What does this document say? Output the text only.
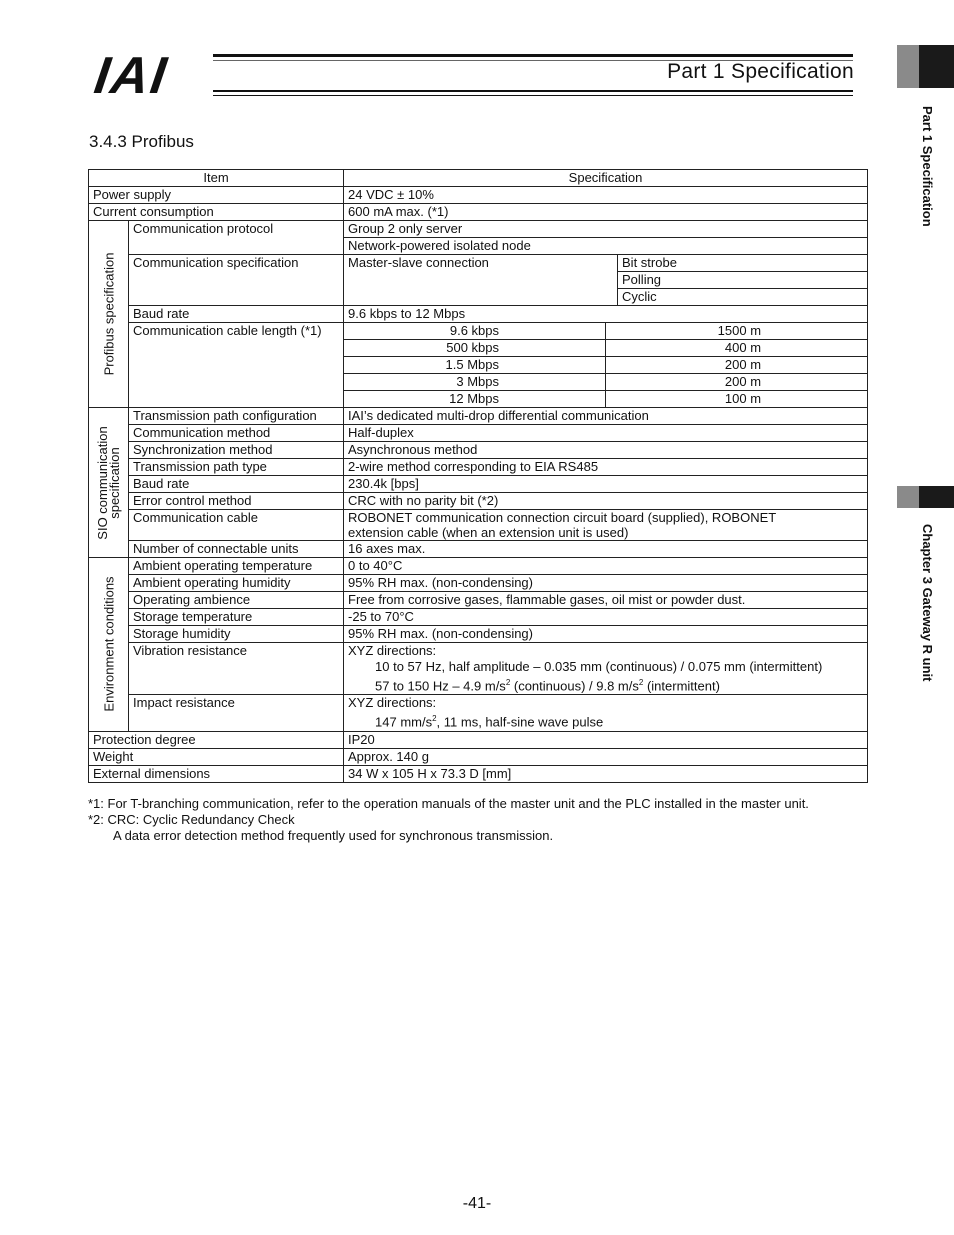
IAI	Part 1 Specification
Part 1 Specification
Chapter 3 Gateway R unit
3.4.3 Profibus
Item		Specification		
Power supply		24 VDC ± 10%		
Current consumption		600 mA max. (*1)		

Profibus specification	Communication protocol	Group 2 only server		
		Network-powered isolated node		
	Communication specification	Master-slave connection		Bit strobe
				Polling
				Cyclic
	Baud rate	9.6 kbps to 12 Mbps		
	Communication cable length (*1)	9.6 kbps	1500 m	
		500 kbps	400 m	
		1.5 Mbps	200 m	
		3 Mbps	200 m	
		12 Mbps	100 m	

SIO communication
specification	Transmission path configuration	IAI’s dedicated multi-drop differential communication		
	Communication method	Half-duplex		
	Synchronization method	Asynchronous method		
	Transmission path type	2-wire method corresponding to EIA RS485		
	Baud rate	230.4k [bps]		
	Error control method	CRC with no parity bit (*2)		
	Communication cable	ROBONET communication connection circuit board (supplied), ROBONET
extension cable (when an extension unit is used)		

	Number of connectable units	16 axes max.		

Environment conditions	Ambient operating temperature	0 to 40°C		
	Ambient operating humidity	95% RH max. (non-condensing)		
	Operating ambience	Free from corrosive gases, flammable gases, oil mist or powder dust.		
	Storage temperature	-25 to 70°C		
	Storage humidity	95% RH max. (non-condensing)		
	Vibration resistance	XYZ directions:
10 to 57 Hz, half amplitude – 0.035 mm (continuous) / 0.075 mm (intermittent)
57 to 150 Hz – 4.9 $m/s^2$ (continuous) / 9.8 $m/s^2$ (intermittent)		

	Impact resistance	XYZ directions:
147 $mm/s^2$, 11 ms, half-sine wave pulse		

Protection degree		IP20		
Weight		Approx. 140 g		
External dimensions		34 W x 105 H x 73.3 D [mm]		
*1: For T-branching communication, refer to the operation manuals of the master unit and the PLC installed in the master unit.
*2: CRC: Cyclic Redundancy Check
A data error detection method frequently used for synchronous transmission.
-41-
